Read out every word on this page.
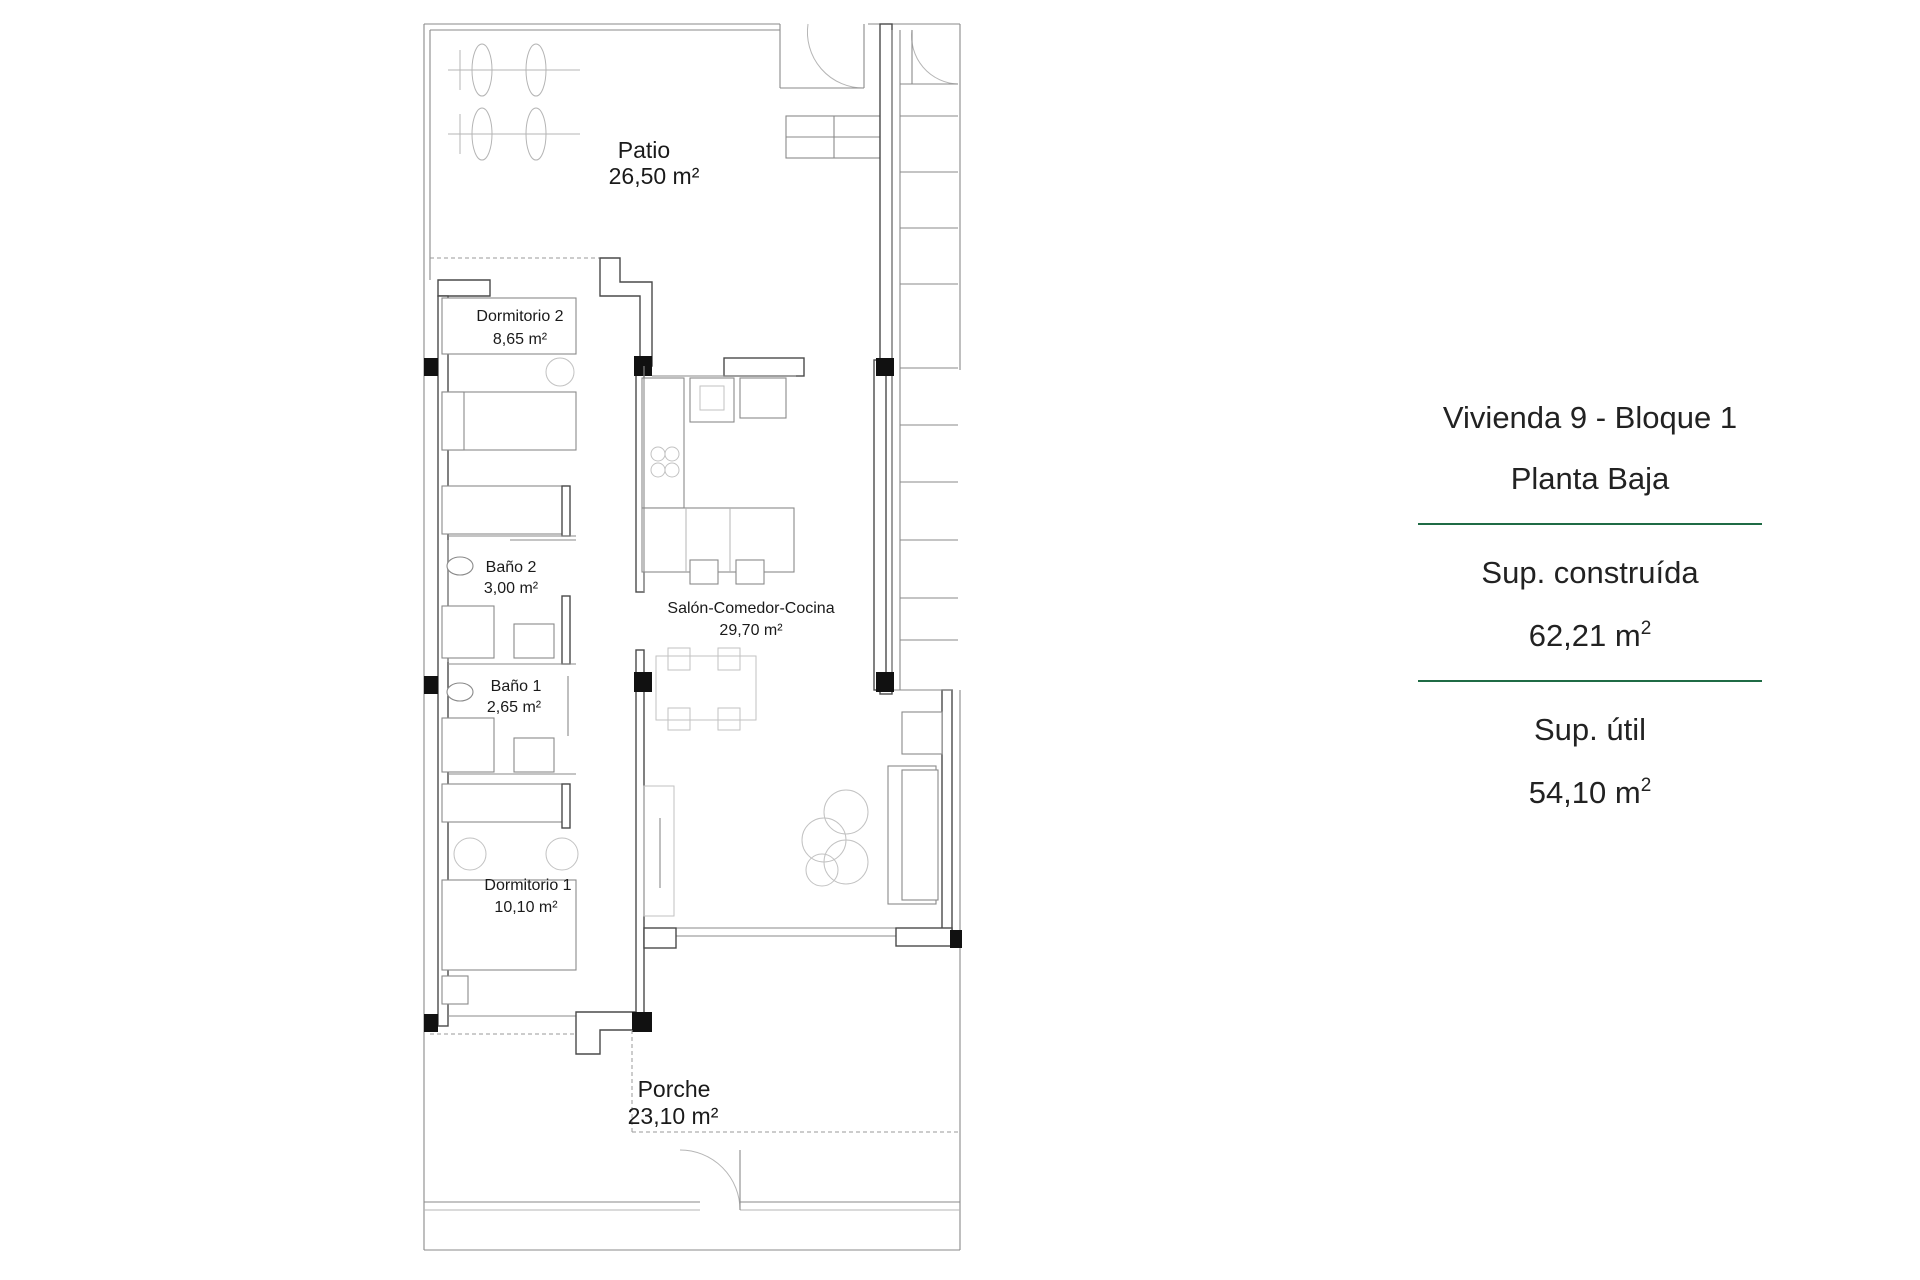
Patio
26,50 m²
Dormitorio 2
8,65 m²
Baño 2
3,00 m²
Baño 1
2,65 m²
Dormitorio 1
10,10 m²
Salón-Comedor-Cocina
29,70 m²
Porche
23,10 m²

Vivienda 9 - Bloque 1

Planta Baja

Sup. construída

62,21 $m^2$

Sup. útil

54,10 $m^2$
